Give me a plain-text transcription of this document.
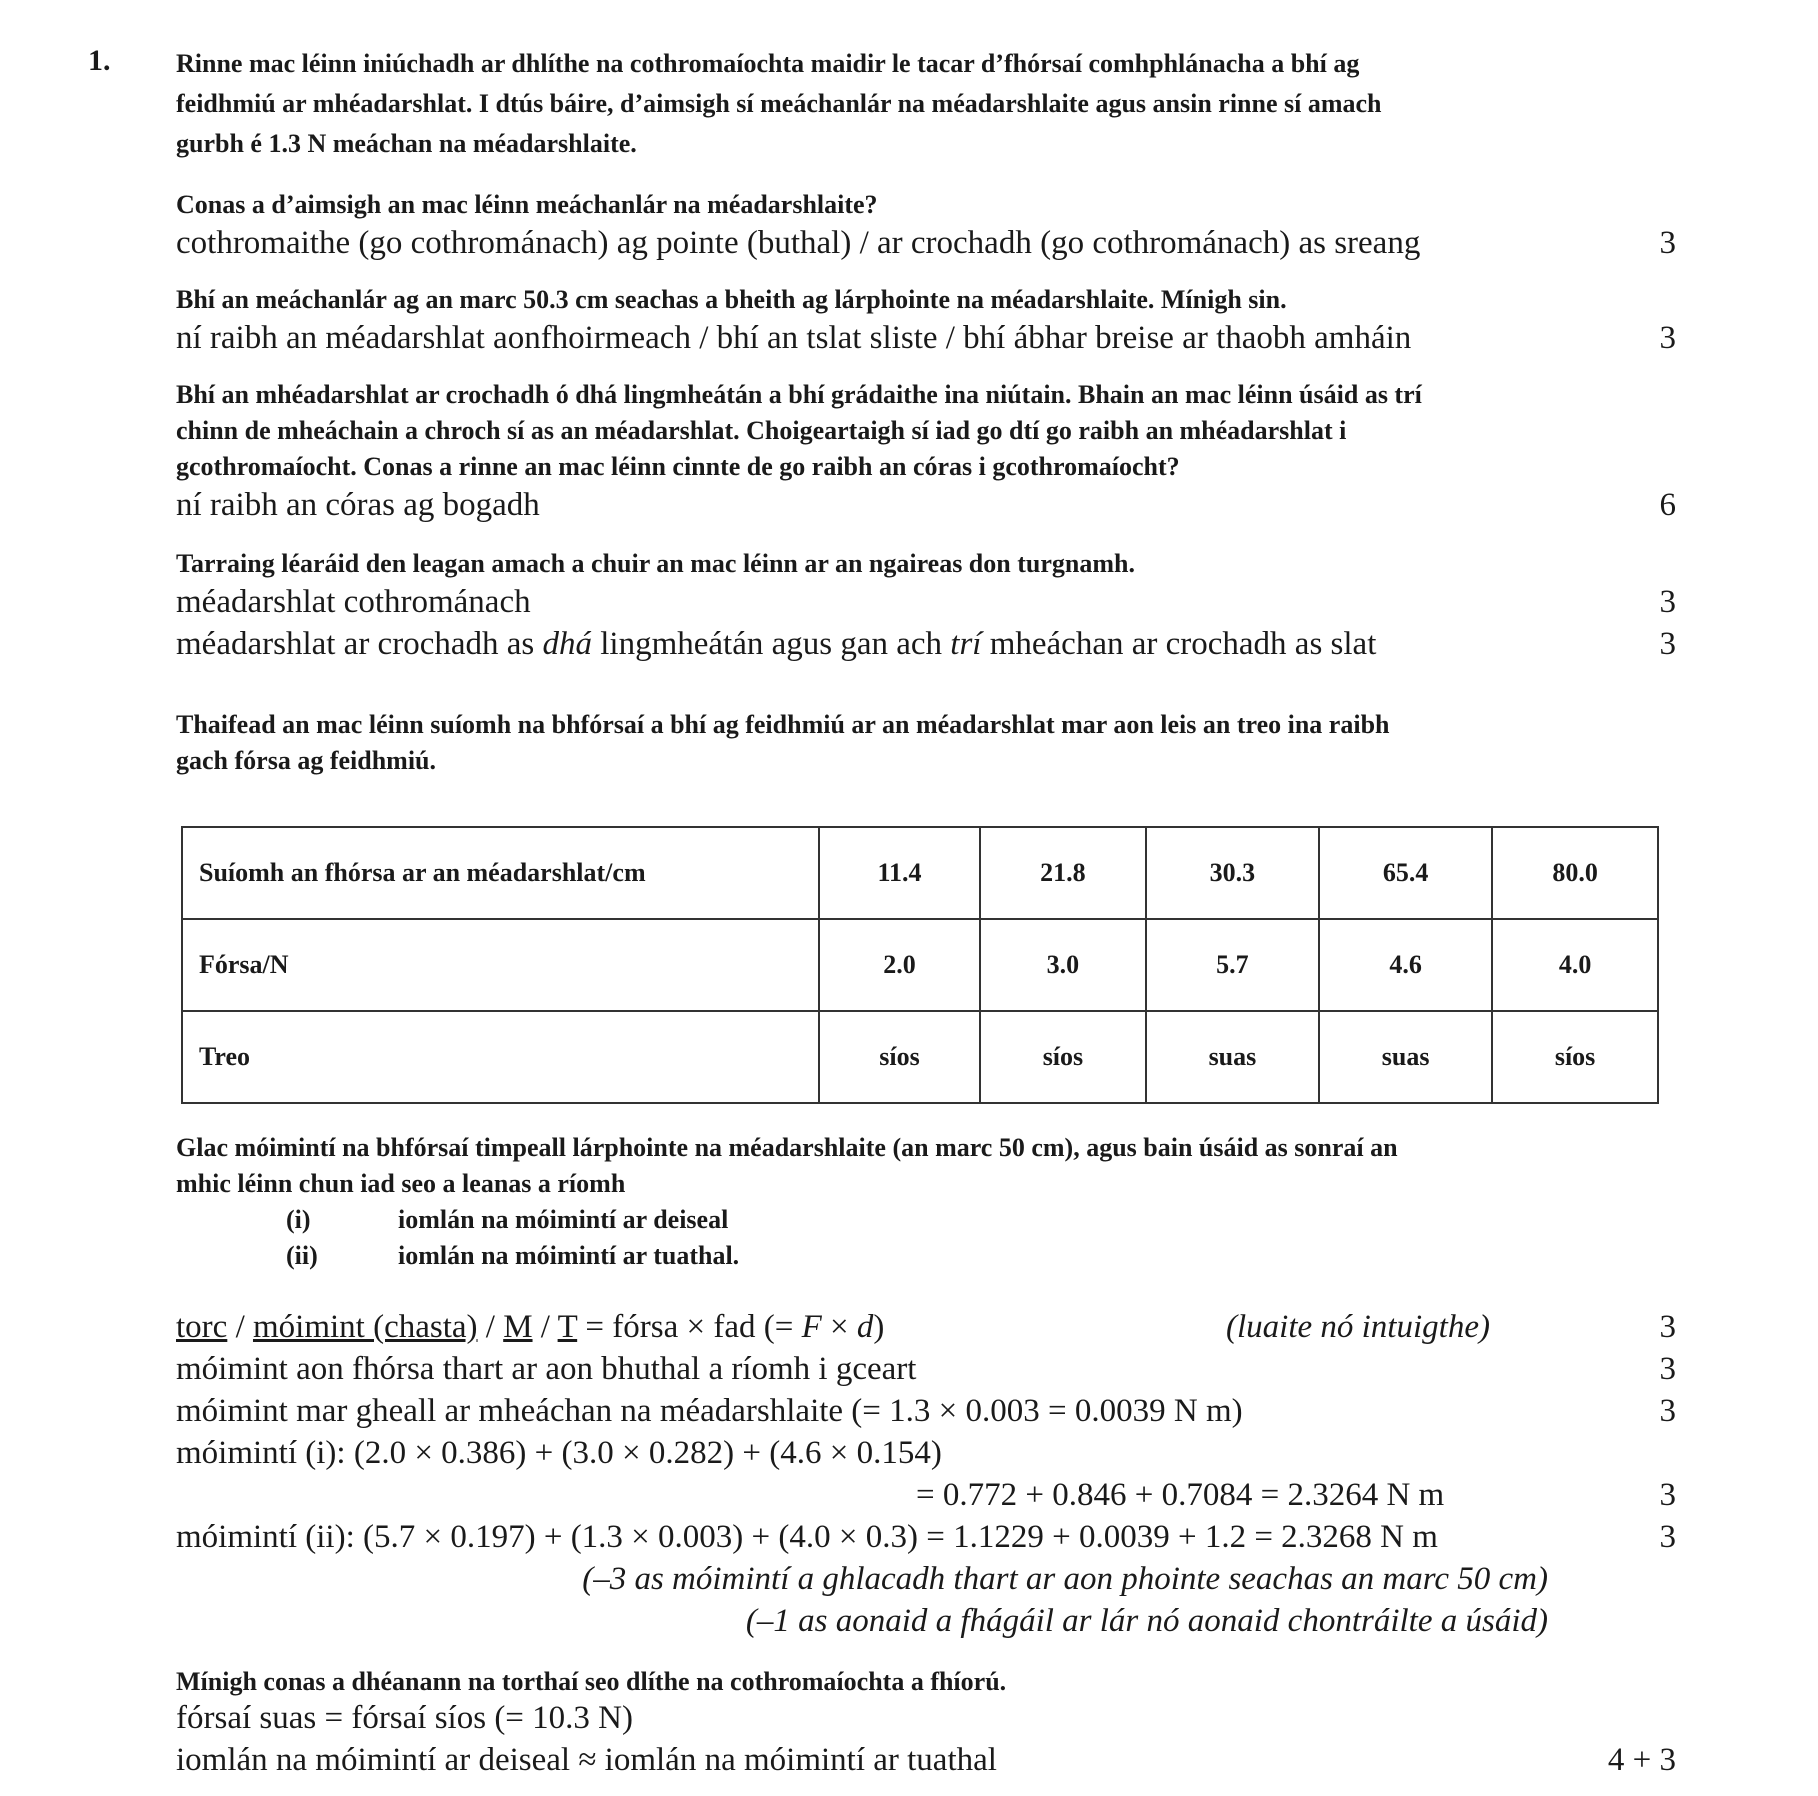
1.	Rinne mac léinn iniúchadh ar dhlíthe na cothromaíochta maidir le tacar d’fhórsaí comhphlánacha a bhí ag
feidhmiú ar mhéadarshlat. I dtús báire, d’aimsigh sí meáchanlár na méadarshlaite agus ansin rinne sí amach
gurbh é 1.3 N meáchan na méadarshlaite.
Conas a d’aimsigh an mac léinn meáchanlár na méadarshlaite?
cothromaithe (go cothrománach) ag pointe (buthal) / ar crochadh (go cothrománach) as sreang	3
Bhí an meáchanlár ag an marc 50.3 cm seachas a bheith ag lárphointe na méadarshlaite. Mínigh sin.
ní raibh an méadarshlat aonfhoirmeach / bhí an tslat sliste / bhí ábhar breise ar thaobh amháin	3
Bhí an mhéadarshlat ar crochadh ó dhá lingmheátán a bhí grádaithe ina niútain. Bhain an mac léinn úsáid as trí
chinn de mheáchain a chroch sí as an méadarshlat. Choigeartaigh sí iad go dtí go raibh an mhéadarshlat i
gcothromaíocht. Conas a rinne an mac léinn cinnte de go raibh an córas i gcothromaíocht?
ní raibh an córas ag bogadh	6
Tarraing léaráid den leagan amach a chuir an mac léinn ar an ngaireas don turgnamh.
méadarshlat cothrománach	3
méadarshlat ar crochadh as dhá lingmheátán agus gan ach trí mheáchan ar crochadh as slat	3
Thaifead an mac léinn suíomh na bhfórsaí a bhí ag feidhmiú ar an méadarshlat mar aon leis an treo ina raibh
gach fórsa ag feidhmiú.
Glac móimintí na bhfórsaí timpeall lárphointe na méadarshlaite (an marc 50 cm), agus bain úsáid as sonraí an
mhic léinn chun iad seo a leanas a ríomh
(i)	iomlán na móimintí ar deiseal
(ii)	iomlán na móimintí ar tuathal.
torc / móimint (chasta) / M / T = fórsa × fad (= F × d)	(luaite nó intuigthe)	3
móimint aon fhórsa thart ar aon bhuthal a ríomh i gceart	3
móimint mar gheall ar mheáchan na méadarshlaite (= 1.3 × 0.003 = 0.0039 N m)	3
móimintí (i): (2.0 × 0.386) + (3.0 × 0.282) + (4.6 × 0.154)
= 0.772 + 0.846 + 0.7084 = 2.3264 N m	3
móimintí (ii): (5.7 × 0.197) + (1.3 × 0.003) + (4.0 × 0.3) = 1.1229 + 0.0039 + 1.2 = 2.3268 N m	3
(–3 as móimintí a ghlacadh thart ar aon phointe seachas an marc 50 cm)
(–1 as aonaid a fhágáil ar lár nó aonaid chontráilte a úsáid)
Mínigh conas a dhéanann na torthaí seo dlíthe na cothromaíochta a fhíorú.
fórsaí suas = fórsaí síos (= 10.3 N)
iomlán na móimintí ar deiseal ≈ iomlán na móimintí ar tuathal	4 + 3
Suíomh an fhórsa ar an méadarshlat/cm	11.4	21.8	30.3	65.4	80.0
Fórsa/N	2.0	3.0	5.7	4.6	4.0
Treo	síos	síos	suas	suas	síos
